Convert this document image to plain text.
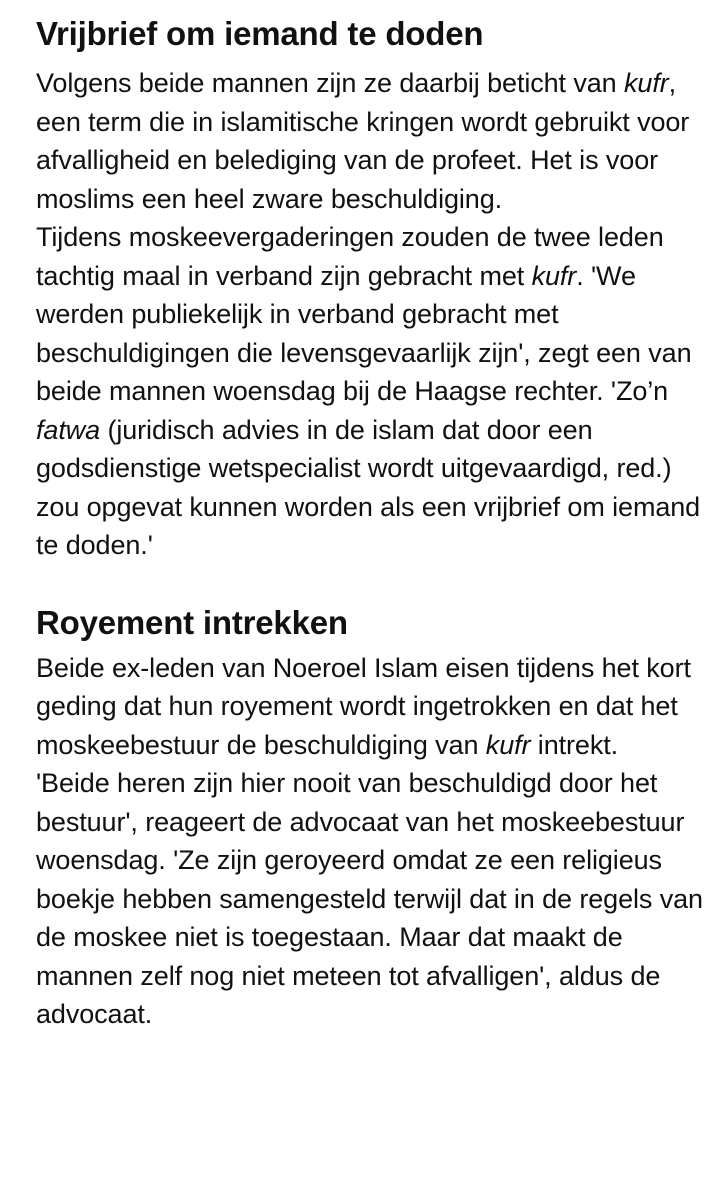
Vrijbrief om iemand te doden

Volgens beide mannen zijn ze daarbij beticht van kufr, een term die in islamitische kringen wordt gebruikt voor afvalligheid en belediging van de profeet. Het is voor moslims een heel zware beschuldiging.

Tijdens moskeevergaderingen zouden de twee leden tachtig maal in verband zijn gebracht met kufr. 'We werden publiekelijk in verband gebracht met beschuldigingen die levensgevaarlijk zijn', zegt een van beide mannen woensdag bij de Haagse rechter. 'Zo’n fatwa (juridisch advies in de islam dat door een godsdienstige wetspecialist wordt uitgevaardigd, red.) zou opgevat kunnen worden als een vrijbrief om iemand te doden.'

Royement intrekken

Beide ex-leden van Noeroel Islam eisen tijdens het kort geding dat hun royement wordt ingetrokken en dat het moskeebestuur de beschuldiging van kufr intrekt.

'Beide heren zijn hier nooit van beschuldigd door het bestuur', reageert de advocaat van het moskeebestuur woensdag. 'Ze zijn geroyeerd omdat ze een religieus boekje hebben samengesteld terwijl dat in de regels van de moskee niet is toegestaan. Maar dat maakt de mannen zelf nog niet meteen tot afvalligen', aldus de advocaat.
